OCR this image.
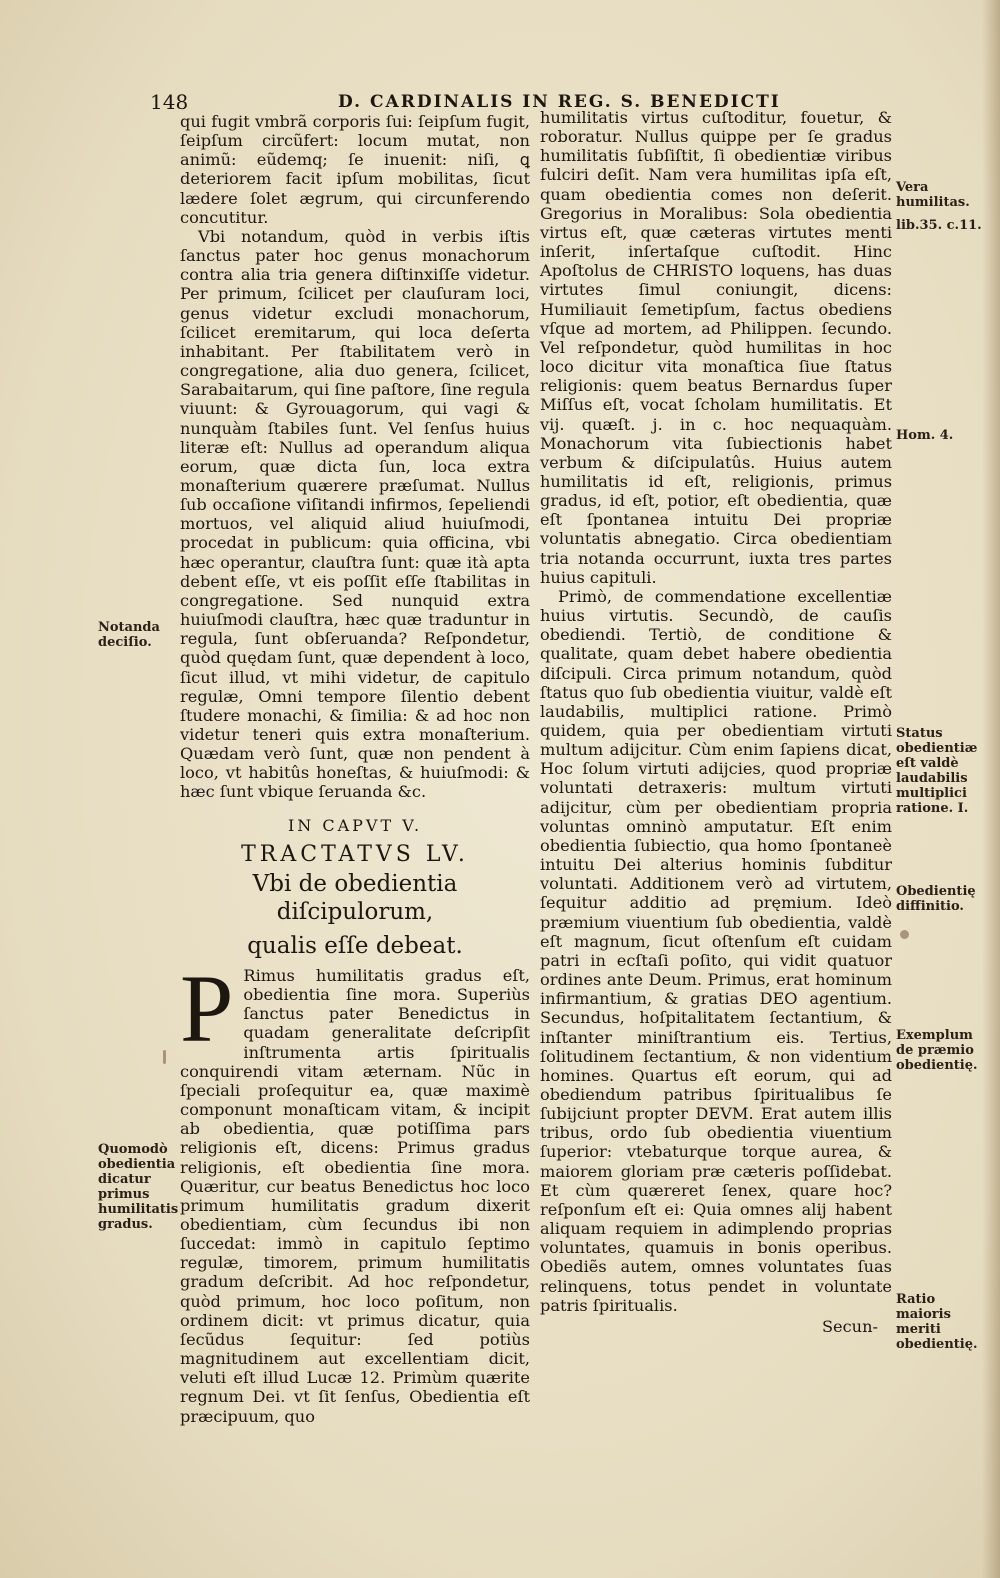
148	D. CARDINALIS IN REG. S. BENEDICTI

qui fugit vmbrã corporis ſui: ſeipſum fugit, ſeipſum circũfert: locum mutat, non animũ: eũdemq; ſe inuenit: niſi, ꝗ deteriorem facit ipſum mobilitas, ſicut lædere ſolet ægrum, qui circunferendo concutitur.

Vbi notandum, quòd in verbis iſtis ſanctus pater hoc genus monachorum contra alia tria genera diſtinxiſſe videtur. Per primum, ſcilicet per clauſuram loci, genus videtur excludi monachorum, ſcilicet eremitarum, qui loca deſerta inhabitant. Per ſtabilitatem verò in congregatione, alia duo genera, ſcilicet, Sarabaitarum, qui ſine paſtore, ſine regula viuunt: & Gyrouagorum, qui vagi & nunquàm ſtabiles ſunt. Vel ſenſus huius literæ eſt: Nullus ad operandum aliqua eorum, quæ dicta ſun, loca extra monaſterium quærere præſumat. Nullus ſub occaſione viſitandi infirmos, ſepeliendi mortuos, vel aliquid aliud huiuſmodi, procedat in publicum: quia officina, vbi hæc operantur, clauſtra ſunt: quæ ità apta debent eſſe, vt eis poſſit eſſe ſtabilitas in congregatione. Sed nunquid extra huiuſmodi clauſtra, hæc quæ traduntur in regula, ſunt obſeruanda? Reſpondetur, quòd quędam ſunt, quæ dependent à loco, ſicut illud, vt mihi videtur, de capitulo regulæ, Omni tempore ſilentio debent ſtudere monachi, & ſimilia: & ad hoc non videtur teneri quis extra monaſterium. Quædam verò ſunt, quæ non pendent à loco, vt habitûs honeſtas, & huiuſmodi: & hæc ſunt vbique ſeruanda &c.

IN CAPVT V.
TRACTATVS LV.
Vbi de obedientia diſcipulorum,
qualis eſſe debeat.

P Rimus humilitatis gradus eſt, obedientia ſine mora. Superiùs ſanctus pater Benedictus in quadam generalitate deſcripſit inſtrumenta artis ſpiritualis conquirendi vitam æternam. Nũc in ſpeciali proſequitur ea, quæ maximè componunt monaſticam vitam, & incipit ab obedientia, quæ potiſſima pars religionis eſt, dicens: Primus gradus religionis, eſt obedientia ſine mora. Quæritur, cur beatus Benedictus hoc loco primum humilitatis gradum dixerit obedientiam, cùm ſecundus ibi non ſuccedat: immò in capitulo ſeptimo regulæ, timorem, primum humilitatis gradum deſcribit. Ad hoc reſpondetur, quòd primum, hoc loco poſitum, non ordinem dicit: vt primus dicatur, quia ſecũdus ſequitur: ſed potiùs magnitudinem aut excellentiam dicit, veluti eſt illud Lucæ 12. Primùm quærite regnum Dei. vt ſit ſenſus, Obedientia eſt præcipuum, quo

humilitatis virtus cuſtoditur, fouetur, & roboratur. Nullus quippe per ſe gradus humilitatis ſubſiſtit, ſi obedientiæ viribus fulciri deſit. Nam vera humilitas ipſa eſt, quam obedientia comes non deſerit. Gregorius in Moralibus: Sola obedientia virtus eſt, quæ cæteras virtutes menti inſerit, inſertaſque cuſtodit. Hinc Apoſtolus de CHRISTO loquens, has duas virtutes ſimul coniungit, dicens: Humiliauit ſemetipſum, factus obediens vſque ad mortem, ad Philippen. ſecundo. Vel reſpondetur, quòd humilitas in hoc loco dicitur vita monaſtica ſiue ſtatus religionis: quem beatus Bernardus ſuper Miſſus eſt, vocat ſcholam humilitatis. Et vij. quæſt. j. in c. hoc nequaquàm. Monachorum vita ſubiectionis habet verbum & diſcipulatûs. Huius autem humilitatis id eſt, religionis, primus gradus, id eſt, potior, eſt obedientia, quæ eſt ſpontanea intuitu Dei propriæ voluntatis abnegatio. Circa obedientiam tria notanda occurrunt, iuxta tres partes huius capituli.

Primò, de commendatione excellentiæ huius virtutis. Secundò, de cauſis obediendi. Tertiò, de conditione & qualitate, quam debet habere obedientia diſcipuli. Circa primum notandum, quòd ſtatus quo ſub obedientia viuitur, valdè eſt laudabilis, multiplici ratione. Primò quidem, quia per obedientiam virtuti multum adijcitur. Cùm enim ſapiens dicat, Hoc ſolum virtuti adijcies, quod propriæ voluntati detraxeris: multum virtuti adijcitur, cùm per obedientiam propria voluntas omninò amputatur. Eſt enim obedientia ſubiectio, qua homo ſpontaneè intuitu Dei alterius hominis ſubditur voluntati. Additionem verò ad virtutem, ſequitur additio ad pręmium. Ideò præmium viuentium ſub obedientia, valdè eſt magnum, ſicut oſtenſum eſt cuidam patri in ecſtaſi poſito, qui vidit quatuor ordines ante Deum. Primus, erat hominum infirmantium, & gratias DEO agentium. Secundus, hoſpitalitatem ſectantium, & inſtanter miniſtrantium eis. Tertius, ſolitudinem ſectantium, & non videntium homines. Quartus eſt eorum, qui ad obediendum patribus ſpiritualibus ſe ſubijciunt propter DEVM. Erat autem illis tribus, ordo ſub obedientia viuentium ſuperior: vtebaturque torque aurea, & maiorem gloriam præ cæteris poſſidebat. Et cùm quæreret ſenex, quare hoc? reſponſum eſt ei: Quia omnes alij habent aliquam requiem in adimplendo proprias voluntates, quamuis in bonis operibus. Obediẽs autem, omnes voluntates ſuas relinquens, totus pendet in voluntate patris ſpiritualis.

Secun-
Notanda deciſio.
Quomodò obedientia dicatur primus humilitatis gradus.
Vera humilitas.
lib.35. c.11.
Hom. 4.
Status obedientiæ eſt valdè laudabilis multiplici ratione. I.
Obedientię diffinitio.
Exemplum de præmio obedientię.
Ratio maioris meriti obedientię.
